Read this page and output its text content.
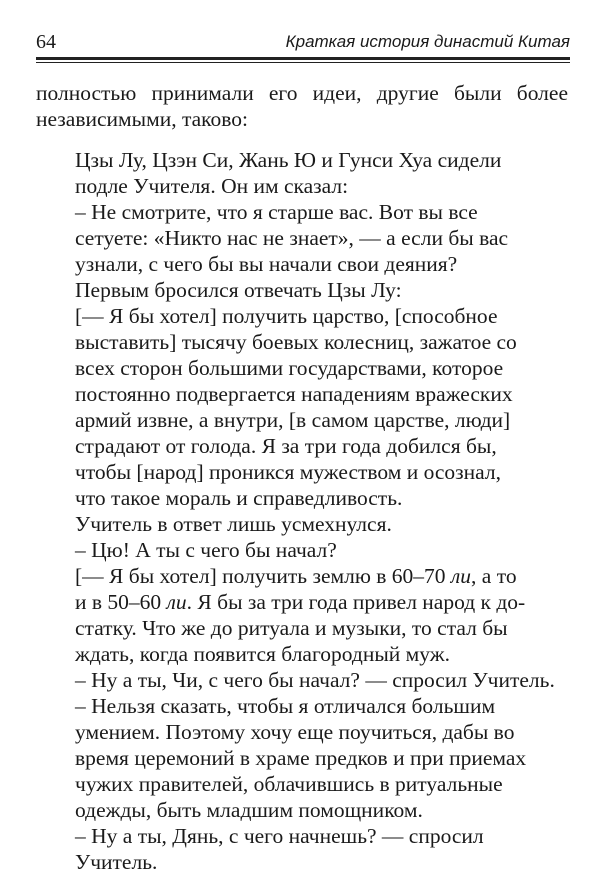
64	Краткая история династий Китая
полностью принимали его идеи, другие были более
независимыми, таково:
Цзы Лу, Цзэн Си, Жань Ю и Гунси Хуа сидели
подле Учителя. Он им сказал:
– Не смотрите, что я старше вас. Вот вы все
сетуете: «Никто нас не знает», — а если бы вас
узнали, с чего бы вы начали свои деяния?
Первым бросился отвечать Цзы Лу:
[— Я бы хотел] получить царство, [способное
выставить] тысячу боевых колесниц, зажатое со
всех сторон большими государствами, которое
постоянно подвергается нападениям вражеских
армий извне, а внутри, [в самом царстве, люди]
страдают от голода. Я за три года добился бы,
чтобы [народ] проникся мужеством и осознал,
что такое мораль и справедливость.
Учитель в ответ лишь усмехнулся.
– Цю! А ты с чего бы начал?
[— Я бы хотел] получить землю в 60–70 ли, а то
и в 50–60 ли. Я бы за три года привел народ к до-
статку. Что же до ритуала и музыки, то стал бы
ждать, когда появится благородный муж.
– Ну а ты, Чи, с чего бы начал? — спросил Учитель.
– Нельзя сказать, чтобы я отличался большим
умением. Поэтому хочу еще поучиться, дабы во
время церемоний в храме предков и при приемах
чужих правителей, облачившись в ритуальные
одежды, быть младшим помощником.
– Ну а ты, Дянь, с чего начнешь? — спросил
Учитель.
